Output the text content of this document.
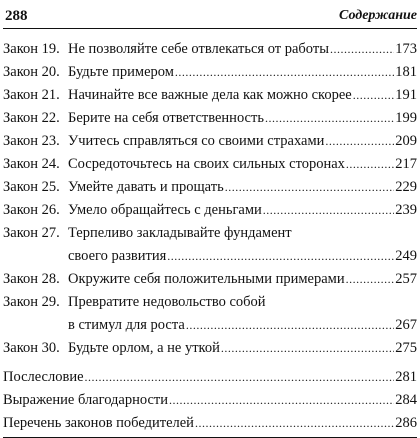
288	Содержание
Закон 19. Не позволяйте себе отвлекаться от работы .....	173
Закон 20. Будьте примером .....	181
Закон 21. Начинайте все важные дела как можно скорее .....	191
Закон 22. Берите на себя ответственность .....	199
Закон 23. Учитесь справляться со своими страхами .....	209
Закон 24. Сосредоточьтесь на своих сильных сторонах .....	217
Закон 25. Умейте давать и прощать .....	229
Закон 26. Умело обращайтесь с деньгами .....	239
Закон 27. Терпеливо закладывайте фундамент
своего развития .....	249
Закон 28. Окружите себя положительными примерами .....	257
Закон 29. Превратите недовольство собой
в стимул для роста .....	267
Закон 30. Будьте орлом, а не уткой .....	275
Послесловие .....	281
Выражение благодарности .....	284
Перечень законов победителей .....	286
